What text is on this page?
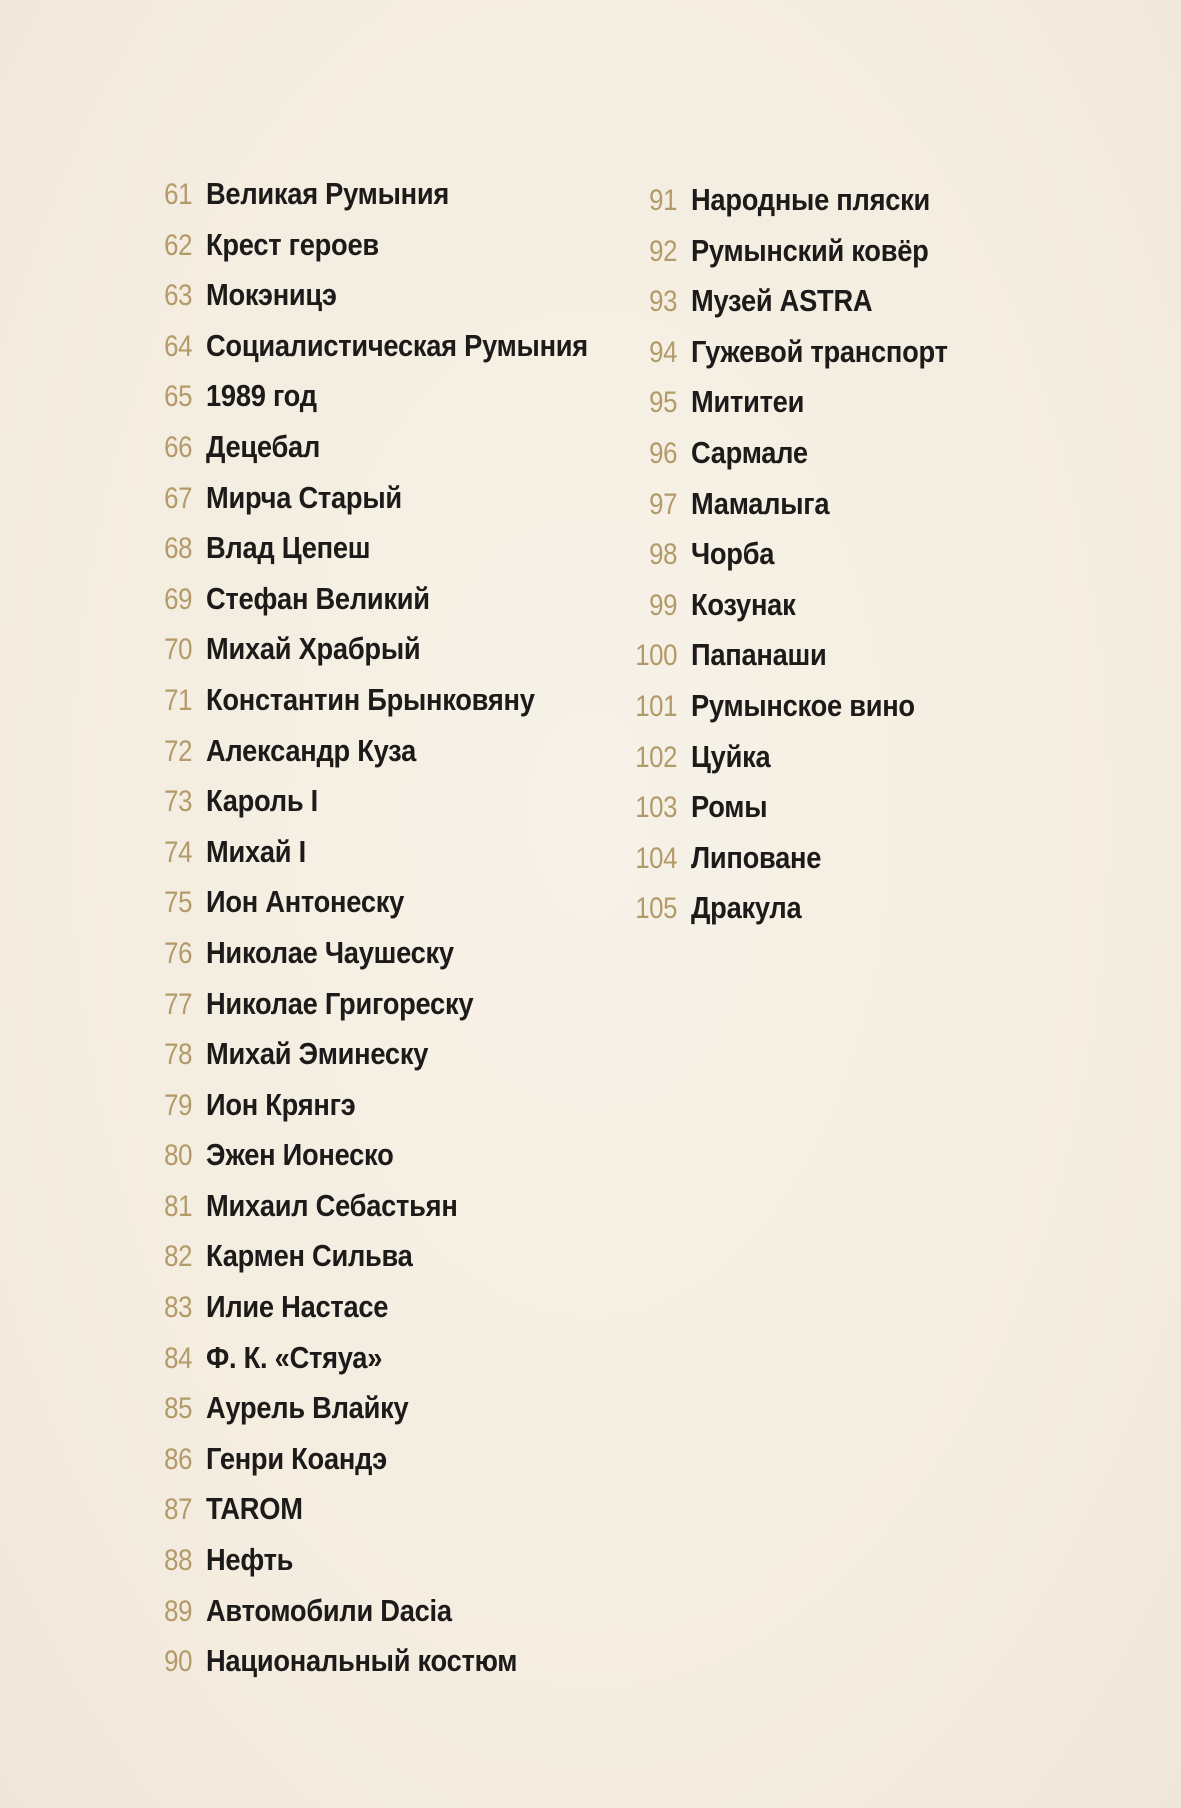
61 Великая Румыния
62 Крест героев
63 Мокэницэ
64 Социалистическая Румыния
65 1989 год
66 Децебал
67 Мирча Старый
68 Влад Цепеш
69 Стефан Великий
70 Михай Храбрый
71 Константин Брынковяну
72 Александр Куза
73 Кароль I
74 Михай I
75 Ион Антонеску
76 Николае Чаушеску
77 Николае Григореску
78 Михай Эминеску
79 Ион Крянгэ
80 Эжен Ионеско
81 Михаил Себастьян
82 Кармен Сильва
83 Илие Настасе
84 Ф. К. «Стяуа»
85 Аурель Влайку
86 Генри Коандэ
87 TAROM
88 Нефть
89 Автомобили Dacia
90 Национальный костюм
91 Народные пляски
92 Румынский ковёр
93 Музей ASTRA
94 Гужевой транспорт
95 Мититеи
96 Сармале
97 Мамалыга
98 Чорба
99 Козунак
100 Папанаши
101 Румынское вино
102 Цуйка
103 Ромы
104 Липоване
105 Дракула
